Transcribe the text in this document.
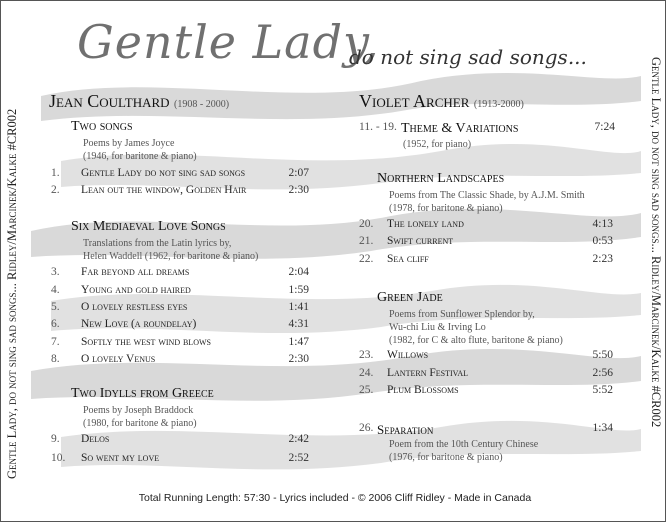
Gentle Lady,
do not sing sad songs...
Gentle Lady, do not sing sad songs... Ridley/Marcinek/Kalke #CR002	Gentle Lady, do not sing sad songs... Ridley/Marcinek/Kalke #CR002
Jean Coulthard (1908 - 2000)
Two songs
Poems by James Joyce
(1946, for baritone & piano)
1. Gentle Lady do not sing sad songs	2:07
2. Lean out the window, Golden Hair	2:30
Six Mediaeval Love Songs
Translations from the Latin lyrics by,
Helen Waddell (1962, for baritone & piano)
3. Far beyond all dreams	2:04
4. Young and gold haired	1:59
5. O lovely restless eyes	1:41
6. New Love (a roundelay)	4:31
7. Softly the west wind blows	1:47
8. O lovely Venus	2:30
Two Idylls from Greece
Poems by Joseph Braddock
(1980, for baritone & piano)
9. Delos	2:42
10. So went my love	2:52
Violet Archer (1913-2000)
11. - 19. Theme & Variations	7:24
(1952, for piano)
Northern Landscapes
Poems from The Classic Shade, by A.J.M. Smith
(1978, for baritone & piano)
20. The lonely land	4:13
21. Swift current	0:53
22. Sea cliff	2:23
Green Jade
Poems from Sunflower Splendor by,
Wu-chi Liu & Irving Lo
(1982, for C & alto flute, baritone & piano)
23. Willows	5:50
24. Lantern Festival	2:56
25. Plum Blossoms	5:52
26. Separation	1:34
Poem from the 10th Century Chinese
(1976, for baritone & piano)
Total Running Length: 57:30 - Lyrics included - © 2006 Cliff Ridley - Made in Canada
